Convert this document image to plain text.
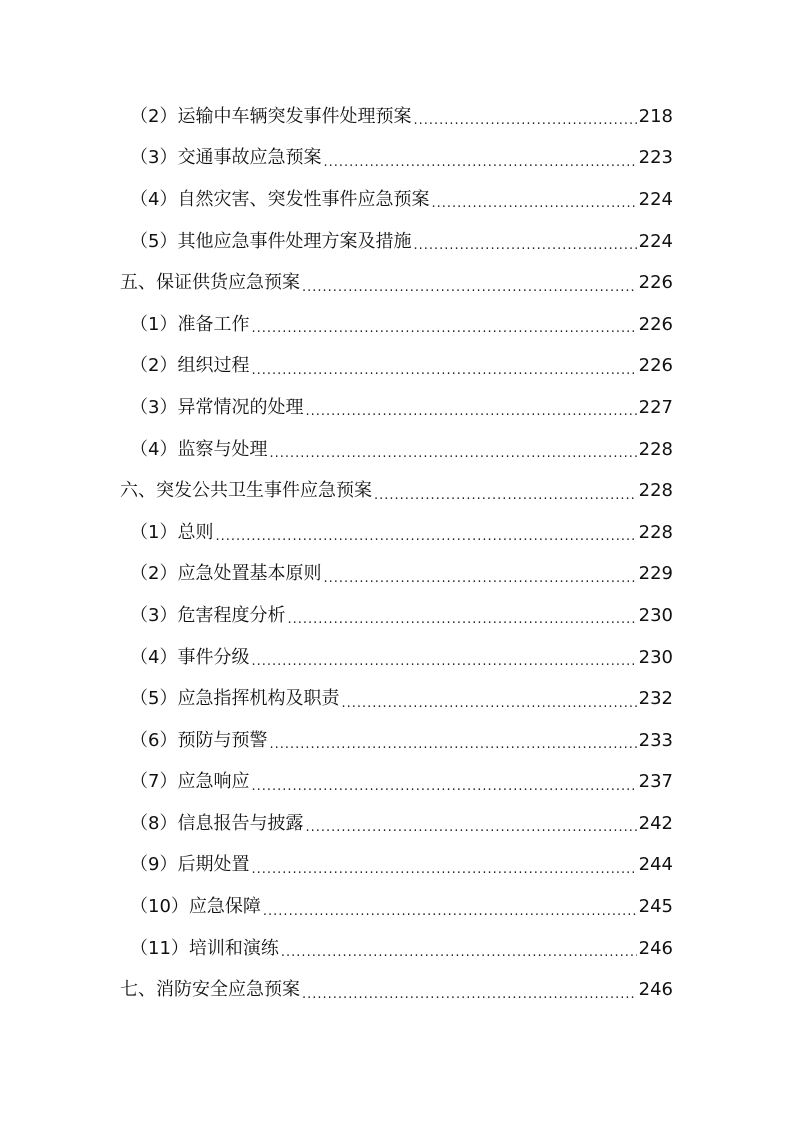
（2）运输中车辆突发事件处理预案 .....	218
（3）交通事故应急预案 .....	223
（4）自然灾害、突发性事件应急预案 .....	224
（5）其他应急事件处理方案及措施 .....	224
五、保证供货应急预案 .....	226
（1）准备工作 .....	226
（2）组织过程 .....	226
（3）异常情况的处理 .....	227
（4）监察与处理 .....	228
六、突发公共卫生事件应急预案 .....	228
（1）总则 .....	228
（2）应急处置基本原则 .....	229
（3）危害程度分析 .....	230
（4）事件分级 .....	230
（5）应急指挥机构及职责 .....	232
（6）预防与预警 .....	233
（7）应急响应 .....	237
（8）信息报告与披露 .....	242
（9）后期处置 .....	244
（10）应急保障 .....	245
（11）培训和演练 .....	246
七、消防安全应急预案 .....	246
